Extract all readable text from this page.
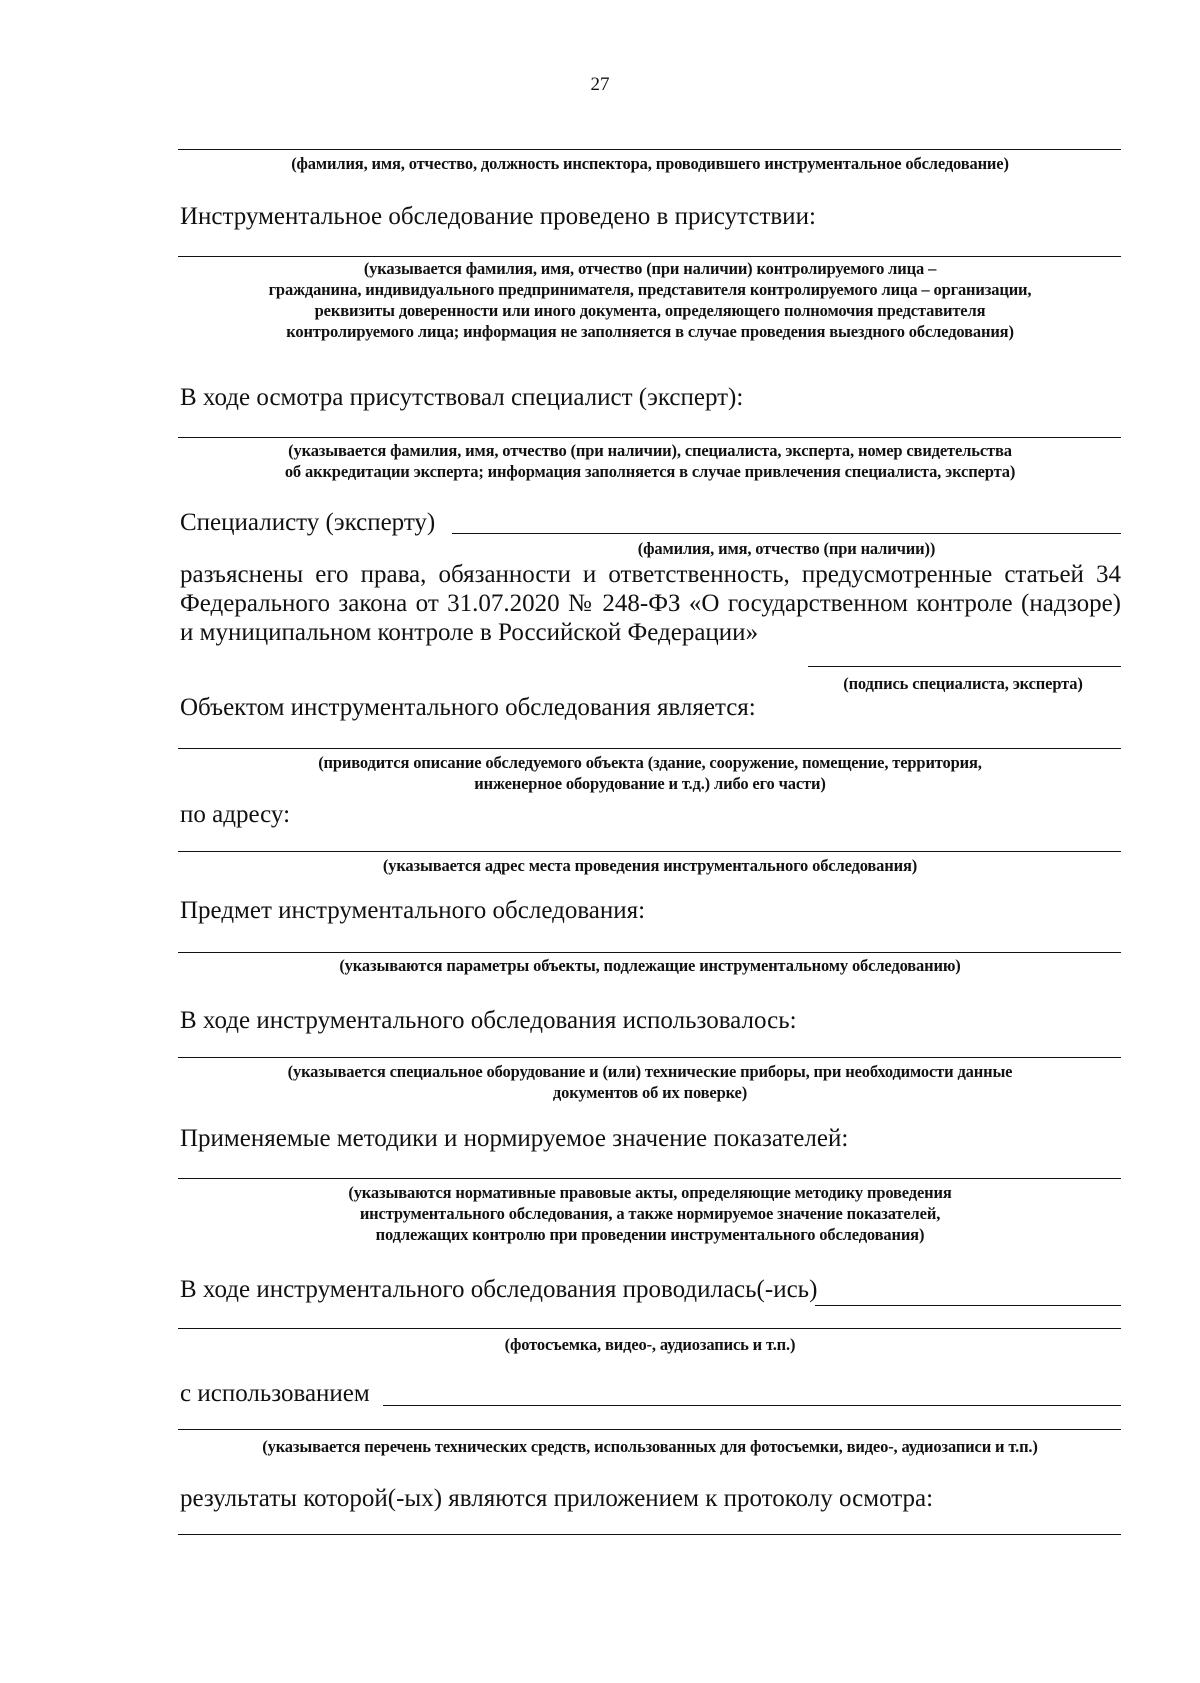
27
(фамилия, имя, отчество, должность инспектора, проводившего инструментальное обследование)
Инструментальное обследование проведено в присутствии:
(указывается фамилия, имя, отчество (при наличии) контролируемого лица –
гражданина, индивидуального предпринимателя, представителя контролируемого лица – организации,
реквизиты доверенности или иного документа, определяющего полномочия представителя
контролируемого лица; информация не заполняется в случае проведения выездного обследования)
В ходе осмотра присутствовал специалист (эксперт):
(указывается фамилия, имя, отчество (при наличии), специалиста, эксперта, номер свидетельства
об аккредитации эксперта; информация заполняется в случае привлечения специалиста, эксперта)
Специалисту (эксперту)
(фамилия, имя, отчество (при наличии))
разъяснены его права, обязанности и ответственность, предусмотренные статьей 34
Федерального закона от 31.07.2020 № 248-ФЗ «О государственном контроле (надзоре)
и муниципальном контроле в Российской Федерации»
(подпись специалиста, эксперта)
Объектом инструментального обследования является:
(приводится описание обследуемого объекта (здание, сооружение, помещение, территория,
инженерное оборудование и т.д.) либо его части)
по адресу:
(указывается адрес места проведения инструментального обследования)
Предмет инструментального обследования:
(указываются параметры объекты, подлежащие инструментальному обследованию)
В ходе инструментального обследования использовалось:
(указывается специальное оборудование и (или) технические приборы, при необходимости данные
документов об их поверке)
Применяемые методики и нормируемое значение показателей:
(указываются нормативные правовые акты, определяющие методику проведения
инструментального обследования, а также нормируемое значение показателей,
подлежащих контролю при проведении инструментального обследования)
В ходе инструментального обследования проводилась(-ись)
(фотосъемка, видео-, аудиозапись и т.п.)
с использованием
(указывается перечень технических средств, использованных для фотосъемки, видео-, аудиозаписи и т.п.)
результаты которой(-ых) являются приложением к протоколу осмотра:
